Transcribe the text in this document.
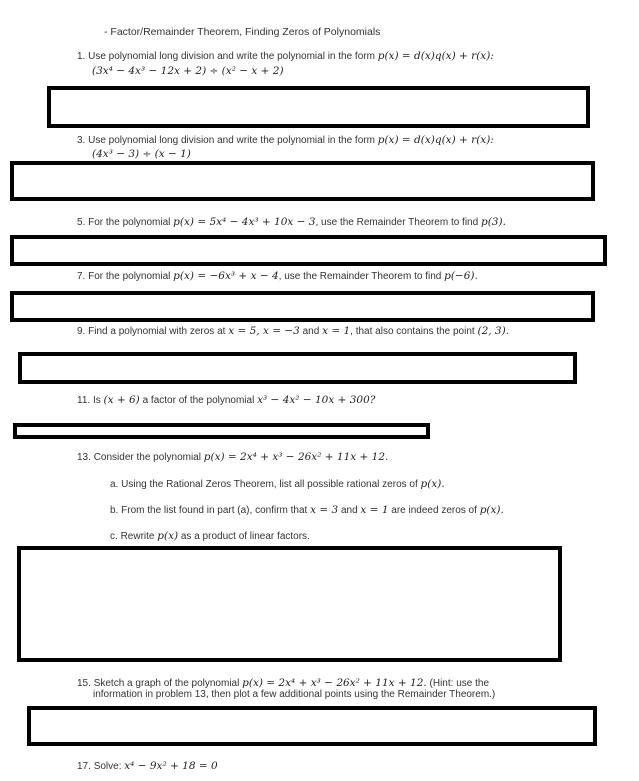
- Factor/Remainder Theorem, Finding Zeros of Polynomials
1. Use polynomial long division and write the polynomial in the form p(x) = d(x)q(x) + r(x):
(3x⁴ − 4x³ − 12x + 2) ÷ (x² − x + 2)
3. Use polynomial long division and write the polynomial in the form p(x) = d(x)q(x) + r(x):
(4x³ − 3) ÷ (x − 1)
5. For the polynomial p(x) = 5x⁴ − 4x³ + 10x − 3, use the Remainder Theorem to find p(3).
7. For the polynomial p(x) = −6x³ + x − 4, use the Remainder Theorem to find p(−6).
9. Find a polynomial with zeros at x = 5, x = −3 and x = 1, that also contains the point (2, 3).
11. Is (x + 6) a factor of the polynomial x³ − 4x² − 10x + 300?
13. Consider the polynomial p(x) = 2x⁴ + x³ − 26x² + 11x + 12.
a. Using the Rational Zeros Theorem, list all possible rational zeros of p(x).
b. From the list found in part (a), confirm that x = 3 and x = 1 are indeed zeros of p(x).
c. Rewrite p(x) as a product of linear factors.
15. Sketch a graph of the polynomial p(x) = 2x⁴ + x³ − 26x² + 11x + 12. (Hint: use the
information in problem 13, then plot a few additional points using the Remainder Theorem.)
17. Solve: x⁴ − 9x² + 18 = 0
